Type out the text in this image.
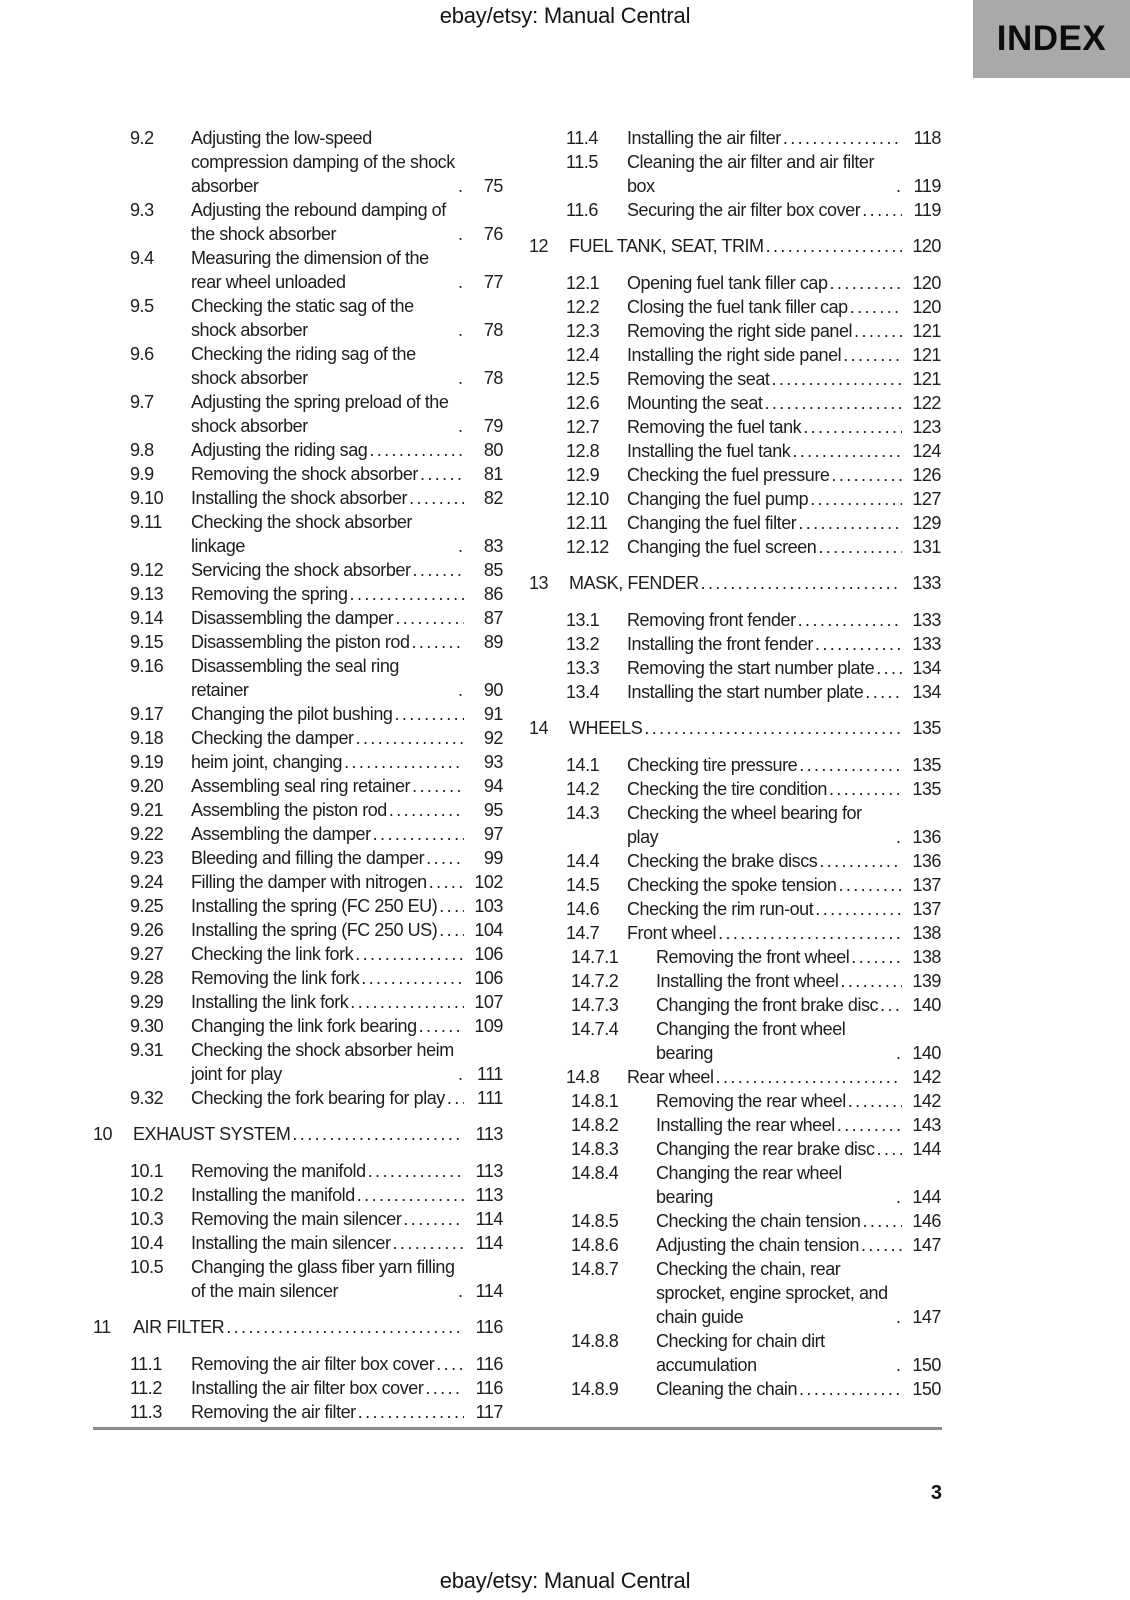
ebay/etsy: Manual Central
INDEX
9.2	Adjusting the low-speed compression damping of the shock absorber .....	75
9.3	Adjusting the rebound damping of the shock absorber .....	76
9.4	Measuring the dimension of the rear wheel unloaded .....	77
9.5	Checking the static sag of the shock absorber .....	78
9.6	Checking the riding sag of the shock absorber .....	78
9.7	Adjusting the spring preload of the shock absorber .....	79
9.8	Adjusting the riding sag .....	80
9.9	Removing the shock absorber .....	81
9.10	Installing the shock absorber .....	82
9.11	Checking the shock absorber linkage .....	83
9.12	Servicing the shock absorber .....	85
9.13	Removing the spring .....	86
9.14	Disassembling the damper .....	87
9.15	Disassembling the piston rod .....	89
9.16	Disassembling the seal ring retainer .....	90
9.17	Changing the pilot bushing .....	91
9.18	Checking the damper .....	92
9.19	heim joint, changing .....	93
9.20	Assembling seal ring retainer .....	94
9.21	Assembling the piston rod .....	95
9.22	Assembling the damper .....	97
9.23	Bleeding and filling the damper .....	99
9.24	Filling the damper with nitrogen .....	102
9.25	Installing the spring (FC 250 EU) ..... 103
9.26	Installing the spring (FC 250 US) ..... 104
9.27	Checking the link fork .....	106
9.28	Removing the link fork .....	106
9.29	Installing the link fork .....	107
9.30	Changing the link fork bearing .....	109
9.31	Checking the shock absorber heim joint for play .....	111
9.32	Checking the fork bearing for play .....	111
10	EXHAUST SYSTEM .....	113
10.1	Removing the manifold .....	113
10.2	Installing the manifold .....	113
10.3	Removing the main silencer .....	114
10.4	Installing the main silencer .....	114
10.5	Changing the glass fiber yarn filling of the main silencer .....	114
11	AIR FILTER .....	116
11.1	Removing the air filter box cover .....	116
11.2	Installing the air filter box cover .....	116
11.3	Removing the air filter .....	117
11.4	Installing the air filter .....	118
11.5	Cleaning the air filter and air filter box .....	119
11.6	Securing the air filter box cover .....	119
12	FUEL TANK, SEAT, TRIM .....	120
12.1	Opening fuel tank filler cap .....	120
12.2	Closing the fuel tank filler cap .....	120
12.3	Removing the right side panel .....	121
12.4	Installing the right side panel .....	121
12.5	Removing the seat .....	121
12.6	Mounting the seat .....	122
12.7	Removing the fuel tank .....	123
12.8	Installing the fuel tank .....	124
12.9	Checking the fuel pressure .....	126
12.10	Changing the fuel pump .....	127
12.11	Changing the fuel filter .....	129
12.12	Changing the fuel screen .....	131
13	MASK, FENDER .....	133
13.1	Removing front fender .....	133
13.2	Installing the front fender .....	133
13.3	Removing the start number plate ..... 134
13.4	Installing the start number plate .....	134
14	WHEELS .....	135
14.1	Checking tire pressure .....	135
14.2	Checking the tire condition .....	135
14.3	Checking the wheel bearing for play .....	136
14.4	Checking the brake discs .....	136
14.5	Checking the spoke tension .....	137
14.6	Checking the rim run-out .....	137
14.7	Front wheel .....	138
14.7.1	Removing the front wheel .....	138
14.7.2	Installing the front wheel .....	139
14.7.3	Changing the front brake disc ..... 140
14.7.4	Changing the front wheel bearing .....	140
14.8	Rear wheel .....	142
14.8.1	Removing the rear wheel .....	142
14.8.2	Installing the rear wheel .....	143
14.8.3	Changing the rear brake disc ..... 144
14.8.4	Changing the rear wheel bearing .....	144
14.8.5	Checking the chain tension .....	146
14.8.6	Adjusting the chain tension .....	147
14.8.7	Checking the chain, rear sprocket, engine sprocket, and chain guide .....	147
14.8.8	Checking for chain dirt accumulation .....	150
14.8.9	Cleaning the chain .....	150
3
ebay/etsy: Manual Central
